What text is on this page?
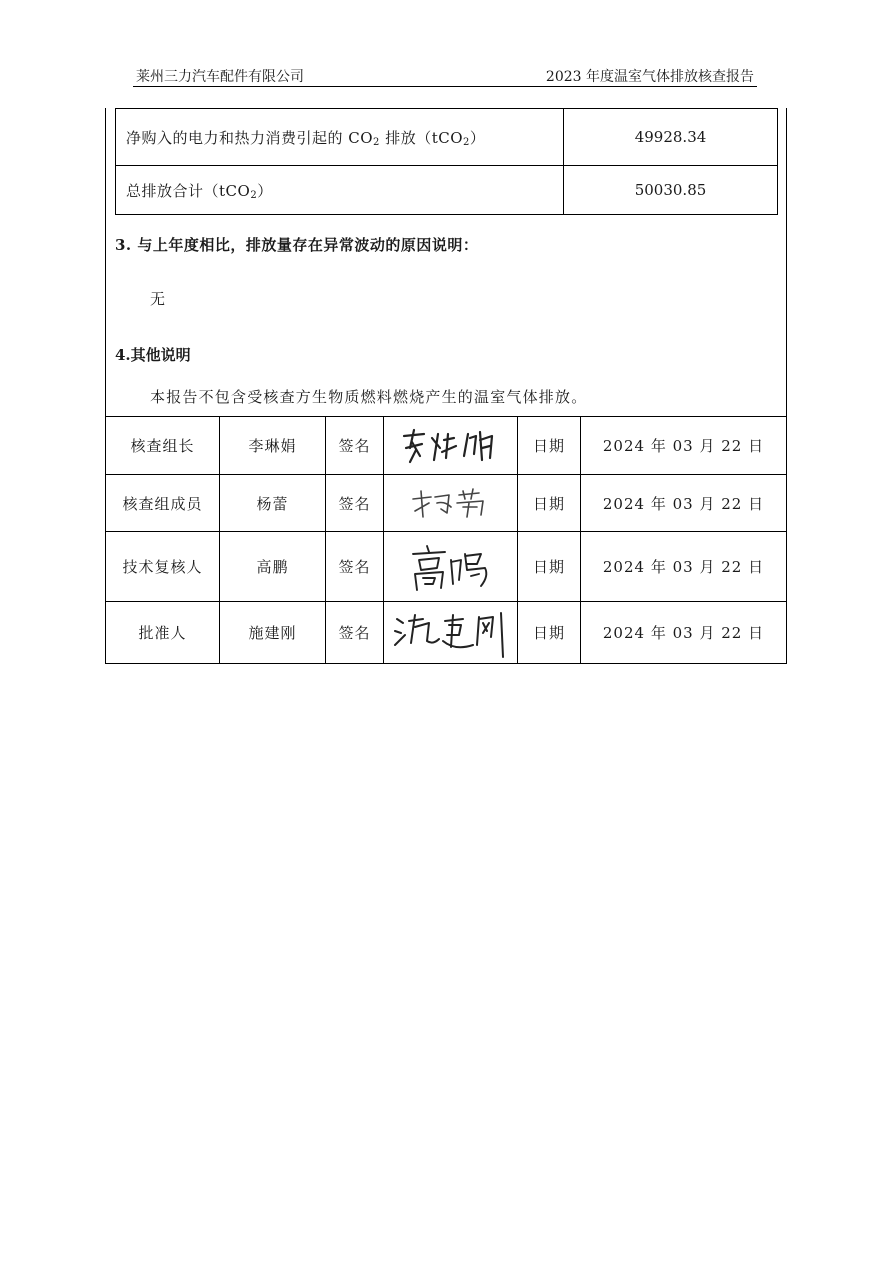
莱州三力汽车配件有限公司	2023 年度温室气体排放核查报告
净购入的电力和热力消费引起的 $CO_2$ 排放（tCO$_2$）	49928.34
总排放合计（tCO$_2$）	50030.85
3. 与上年度相比，排放量存在异常波动的原因说明：
无
4.其他说明
本报告不包含受核查方生物质燃料燃烧产生的温室气体排放。
核查组长	李琳娟	签名		日期	2024 年 03 月 22 日
核查组成员	杨蕾	签名		日期	2024 年 03 月 22 日
技术复核人	高鹏	签名		日期	2024 年 03 月 22 日
批准人	施建刚	签名		日期	2024 年 03 月 22 日
